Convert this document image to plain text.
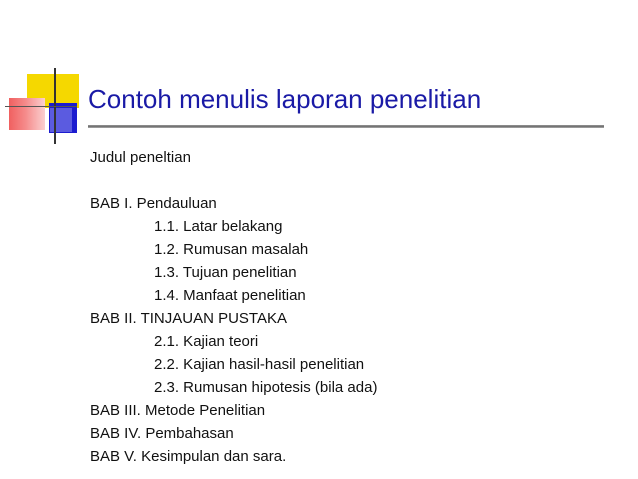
Contoh menulis laporan penelitian
Judul peneltian
BAB I. Pendauluan
1.1. Latar belakang
1.2. Rumusan masalah
1.3. Tujuan penelitian
1.4. Manfaat penelitian
BAB II. TINJAUAN PUSTAKA
2.1. Kajian teori
2.2. Kajian hasil-hasil penelitian
2.3. Rumusan hipotesis (bila ada)
BAB III. Metode Penelitian
BAB IV. Pembahasan
BAB V. Kesimpulan dan sara.
